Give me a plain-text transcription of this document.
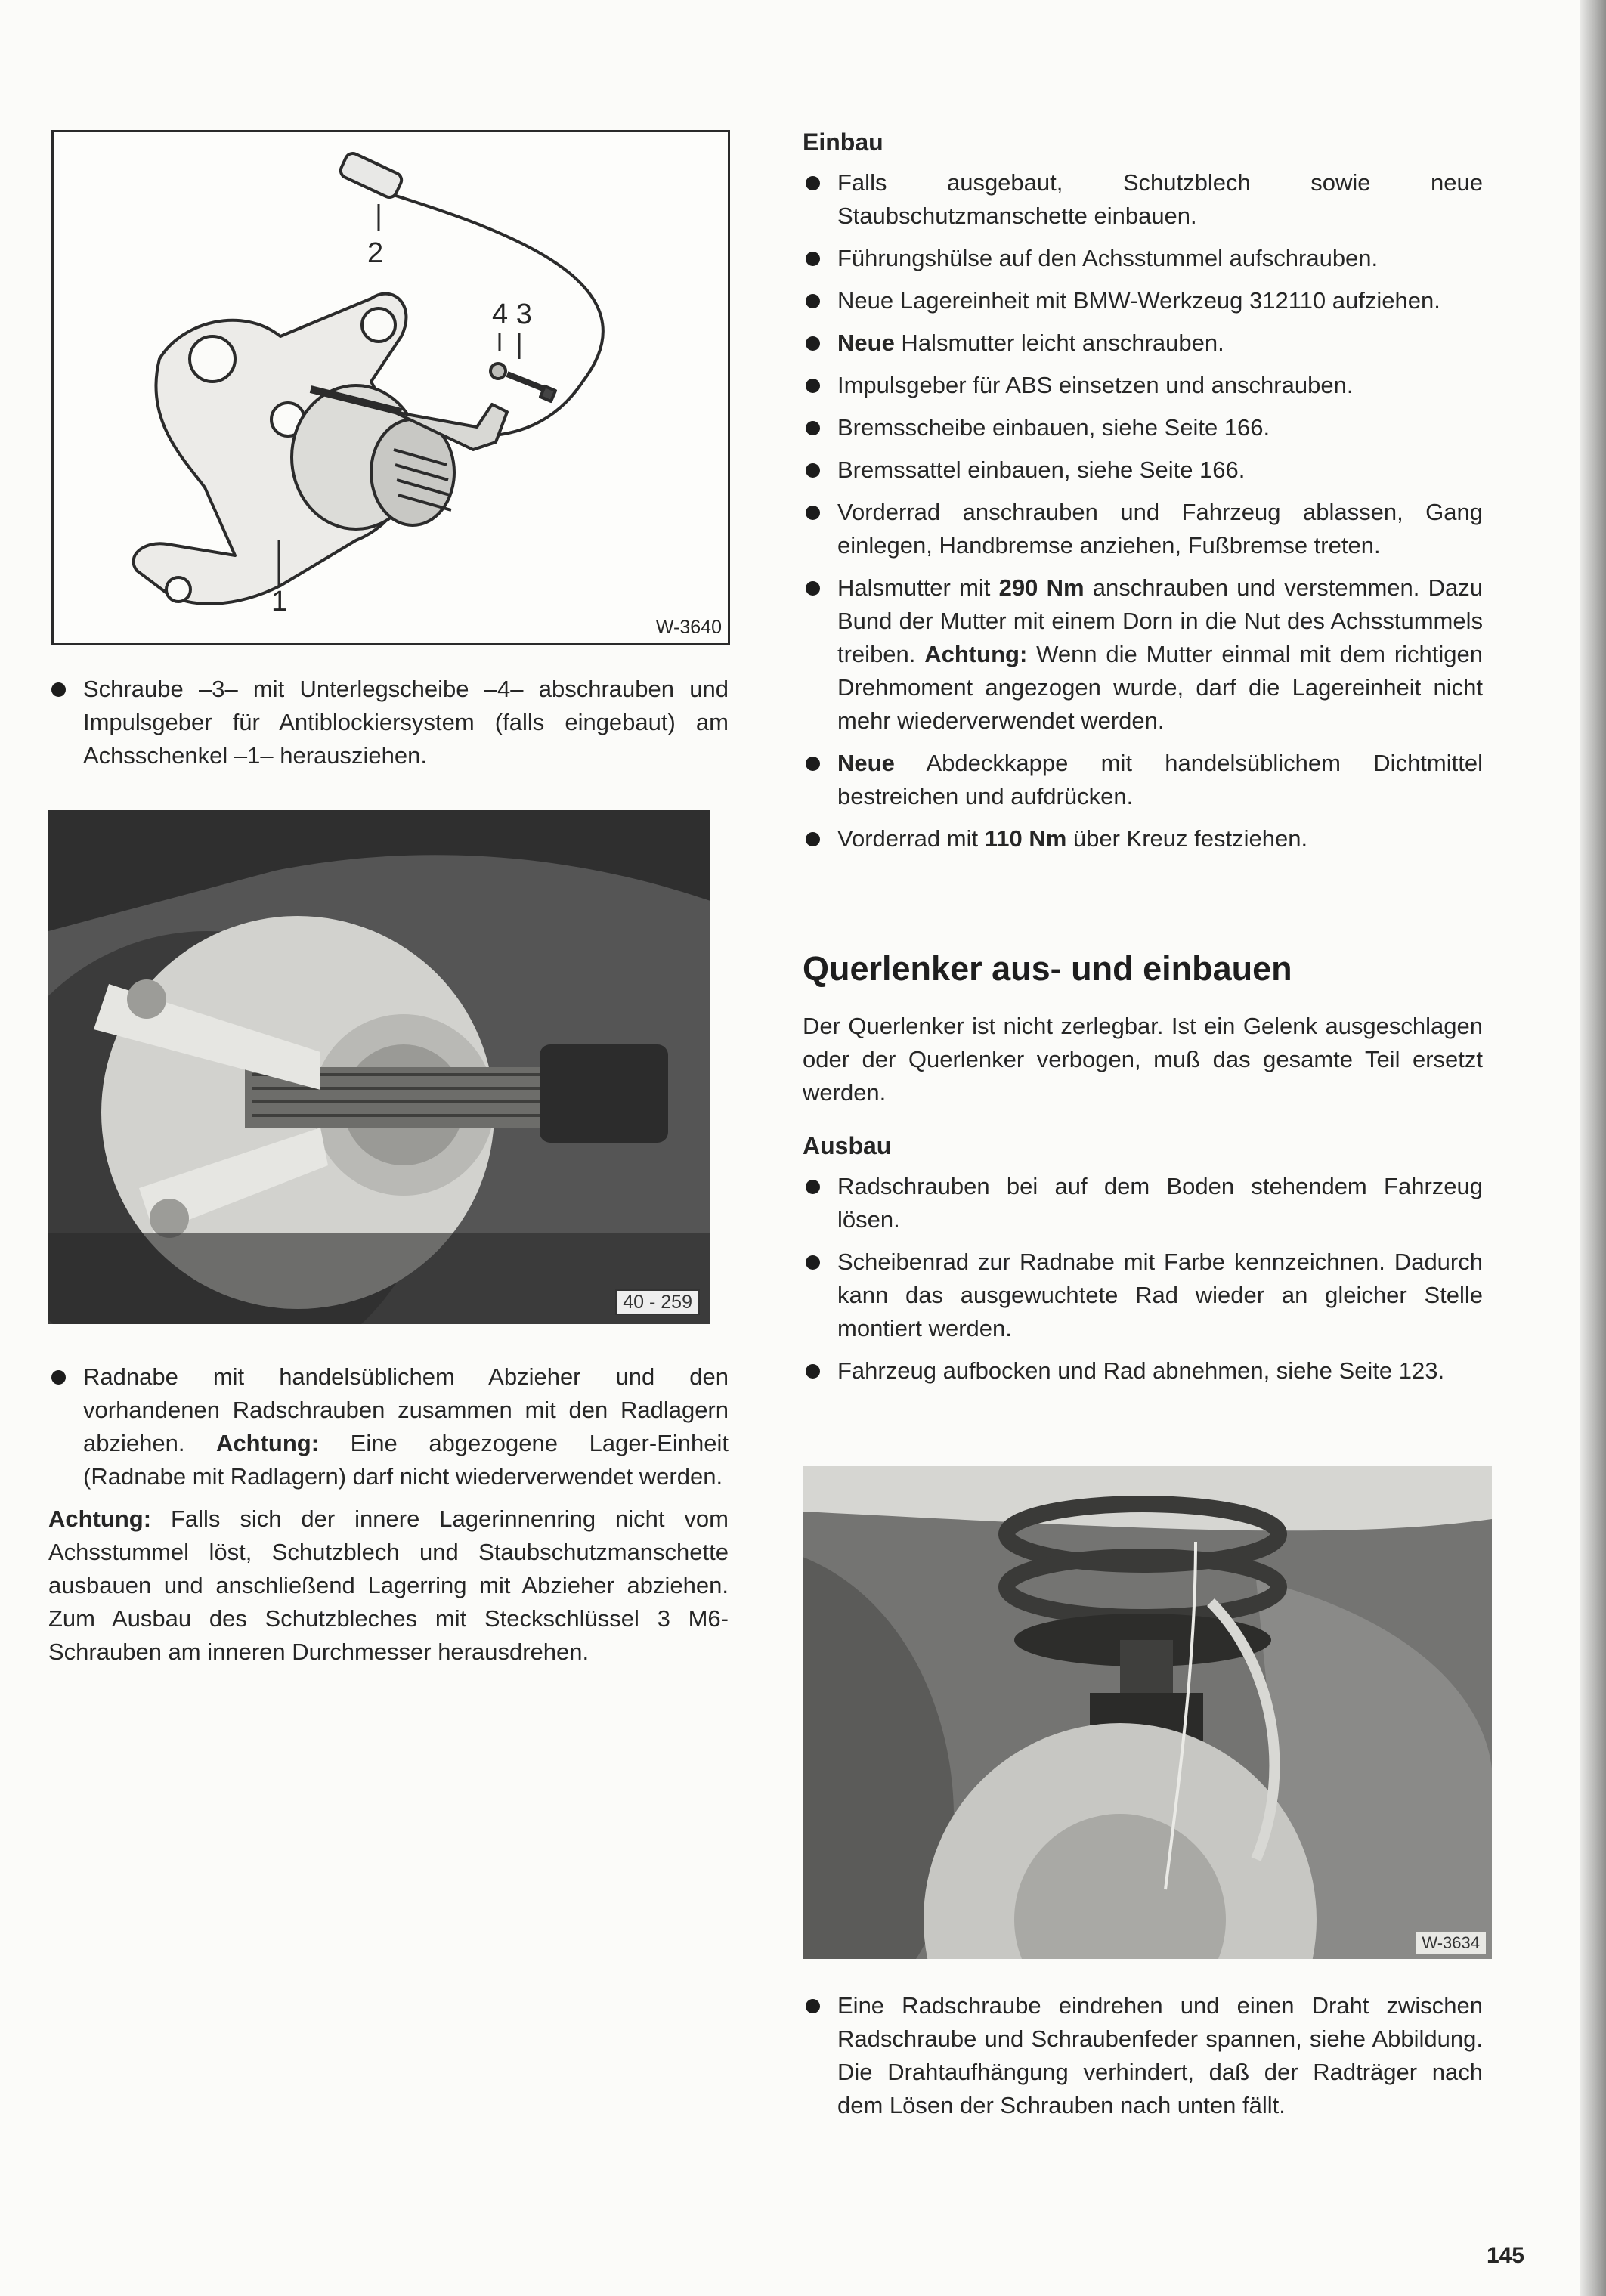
2
4 3
1
W-3640
40 - 259
W-3634

Schraube –3– mit Unterlegscheibe –4– abschrauben und Impulsgeber für Antiblockiersystem (falls eingebaut) am Achsschenkel –1– herausziehen.

Radnabe mit handelsüblichem Abzieher und den vorhandenen Radschrauben zusammen mit den Radlagern abziehen. Achtung: Eine abgezogene Lager-Einheit (Radnabe mit Radlagern) darf nicht wiederverwendet werden.

Achtung: Falls sich der innere Lagerinnenring nicht vom Achsstummel löst, Schutzblech und Staubschutzmanschette ausbauen und anschließend Lagerring mit Abzieher abziehen. Zum Ausbau des Schutzbleches mit Steckschlüssel 3 M6-Schrauben am inneren Durchmesser herausdrehen.

Einbau

Falls ausgebaut, Schutzblech sowie neue Staubschutzmanschette einbauen.

Führungshülse auf den Achsstummel aufschrauben.

Neue Lagereinheit mit BMW-Werkzeug 312110 aufziehen.

Neue Halsmutter leicht anschrauben.

Impulsgeber für ABS einsetzen und anschrauben.

Bremsscheibe einbauen, siehe Seite 166.

Bremssattel einbauen, siehe Seite 166.

Vorderrad anschrauben und Fahrzeug ablassen, Gang einlegen, Handbremse anziehen, Fußbremse treten.

Halsmutter mit 290 Nm anschrauben und verstemmen. Dazu Bund der Mutter mit einem Dorn in die Nut des Achsstummels treiben. Achtung: Wenn die Mutter einmal mit dem richtigen Drehmoment angezogen wurde, darf die Lagereinheit nicht mehr wiederverwendet werden.

Neue Abdeckkappe mit handelsüblichem Dichtmittel bestreichen und aufdrücken.

Vorderrad mit 110 Nm über Kreuz festziehen.

Querlenker aus- und einbauen

Der Querlenker ist nicht zerlegbar. Ist ein Gelenk ausgeschlagen oder der Querlenker verbogen, muß das gesamte Teil ersetzt werden.

Ausbau

Radschrauben bei auf dem Boden stehendem Fahrzeug lösen.

Scheibenrad zur Radnabe mit Farbe kennzeichnen. Dadurch kann das ausgewuchtete Rad wieder an gleicher Stelle montiert werden.

Fahrzeug aufbocken und Rad abnehmen, siehe Seite 123.

Eine Radschraube eindrehen und einen Draht zwischen Radschraube und Schraubenfeder spannen, siehe Abbildung. Die Drahtaufhängung verhindert, daß der Radträger nach dem Lösen der Schrauben nach unten fällt.

145
